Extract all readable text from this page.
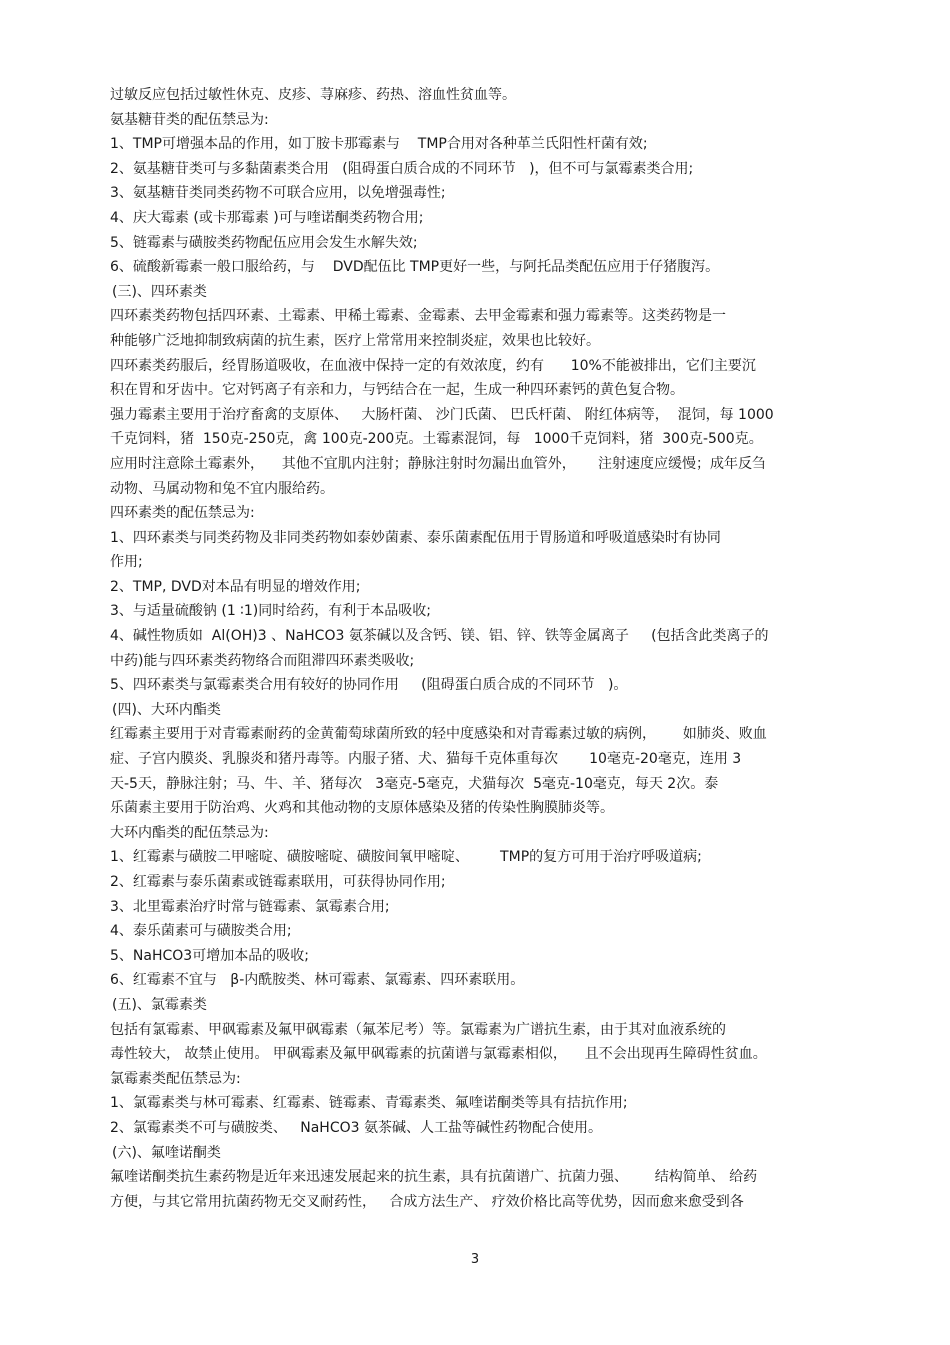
过敏反应包括过敏性休克、皮疹、荨麻疹、药热、溶血性贫血等。
氨基糖苷类的配伍禁忌为:
1、TMP可增强本品的作用，如丁胺卡那霉素与    TMP合用对各种革兰氏阳性杆菌有效;
2、氨基糖苷类可与多黏菌素类合用   (阻碍蛋白质合成的不同环节   )，但不可与氯霉素类合用;
3、氨基糖苷类同类药物不可联合应用，以免增强毒性;
4、庆大霉素 (或卡那霉素 )可与喹诺酮类药物合用;
5、链霉素与磺胺类药物配伍应用会发生水解失效;
6、硫酸新霉素一般口服给药，与    DVD配伍比 TMP更好一些，与阿托品类配伍应用于仔猪腹泻。
(三)、四环素类
四环素类药物包括四环素、土霉素、甲稀土霉素、金霉素、去甲金霉素和强力霉素等。这类药物是一
种能够广泛地抑制致病菌的抗生素，医疗上常常用来控制炎症，效果也比较好。
四环素类药服后，经胃肠道吸收，在血液中保持一定的有效浓度，约有      10%不能被排出，它们主要沉
积在胃和牙齿中。它对钙离子有亲和力，与钙结合在一起，生成一种四环素钙的黄色复合物。
强力霉素主要用于治疗畜禽的支原体、   大肠杆菌、 沙门氏菌、 巴氏杆菌、 附红体病等，  混饲，每 1000
千克饲料，猪  150克-250克，禽 100克-200克。土霉素混饲，每   1000千克饲料，猪  300克-500克。
应用时注意除土霉素外，    其他不宜肌内注射；静脉注射时勿漏出血管外，     注射速度应缓慢；成年反刍
动物、马属动物和兔不宜内服给药。
四环素类的配伍禁忌为:
1、四环素类与同类药物及非同类药物如泰妙菌素、泰乐菌素配伍用于胃肠道和呼吸道感染时有协同
作用;
2、TMP, DVD对本品有明显的增效作用;
3、与适量硫酸钠 (1 ∶1)同时给药，有利于本品吸收;
4、碱性物质如  Al(OH)3 、NaHCO3 氨茶碱以及含钙、镁、铝、锌、铁等金属离子     (包括含此类离子的
中药)能与四环素类药物络合而阻滞四环素类吸收;
5、四环素类与氯霉素类合用有较好的协同作用     (阻碍蛋白质合成的不同环节   )。
(四)、大环内酯类
红霉素主要用于对青霉素耐药的金黄葡萄球菌所致的轻中度感染和对青霉素过敏的病例，      如肺炎、败血
症、子宫内膜炎、乳腺炎和猪丹毒等。内服子猪、犬、猫每千克体重每次       10毫克-20毫克，连用 3
天-5天，静脉注射；马、牛、羊、猪每次   3毫克-5毫克，犬猫每次  5毫克-10毫克，每天 2次。泰
乐菌素主要用于防治鸡、火鸡和其他动物的支原体感染及猪的传染性胸膜肺炎等。
大环内酯类的配伍禁忌为:
1、红霉素与磺胺二甲嘧啶、磺胺嘧啶、磺胺间氧甲嘧啶、       TMP的复方可用于治疗呼吸道病;
2、红霉素与泰乐菌素或链霉素联用，可获得协同作用;
3、北里霉素治疗时常与链霉素、氯霉素合用;
4、泰乐菌素可与磺胺类合用;
5、NaHCO3可增加本品的吸收;
6、红霉素不宜与   β-内酰胺类、林可霉素、氯霉素、四环素联用。
(五)、氯霉素类
包括有氯霉素、甲砜霉素及氟甲砜霉素（氟苯尼考）等。氯霉素为广谱抗生素，由于其对血液系统的
毒性较大， 故禁止使用。 甲砜霉素及氟甲砜霉素的抗菌谱与氯霉素相似，    且不会出现再生障碍性贫血。
氯霉素类配伍禁忌为:
1、氯霉素类与林可霉素、红霉素、链霉素、青霉素类、氟喹诺酮类等具有拮抗作用;
2、氯霉素类不可与磺胺类、   NaHCO3 氨茶碱、人工盐等碱性药物配合使用。
(六)、氟喹诺酮类
氟喹诺酮类抗生素药物是近年来迅速发展起来的抗生素，具有抗菌谱广、抗菌力强、      结构简单、 给药
方便，与其它常用抗菌药物无交叉耐药性，   合成方法生产、 疗效价格比高等优势，因而愈来愈受到各
3
